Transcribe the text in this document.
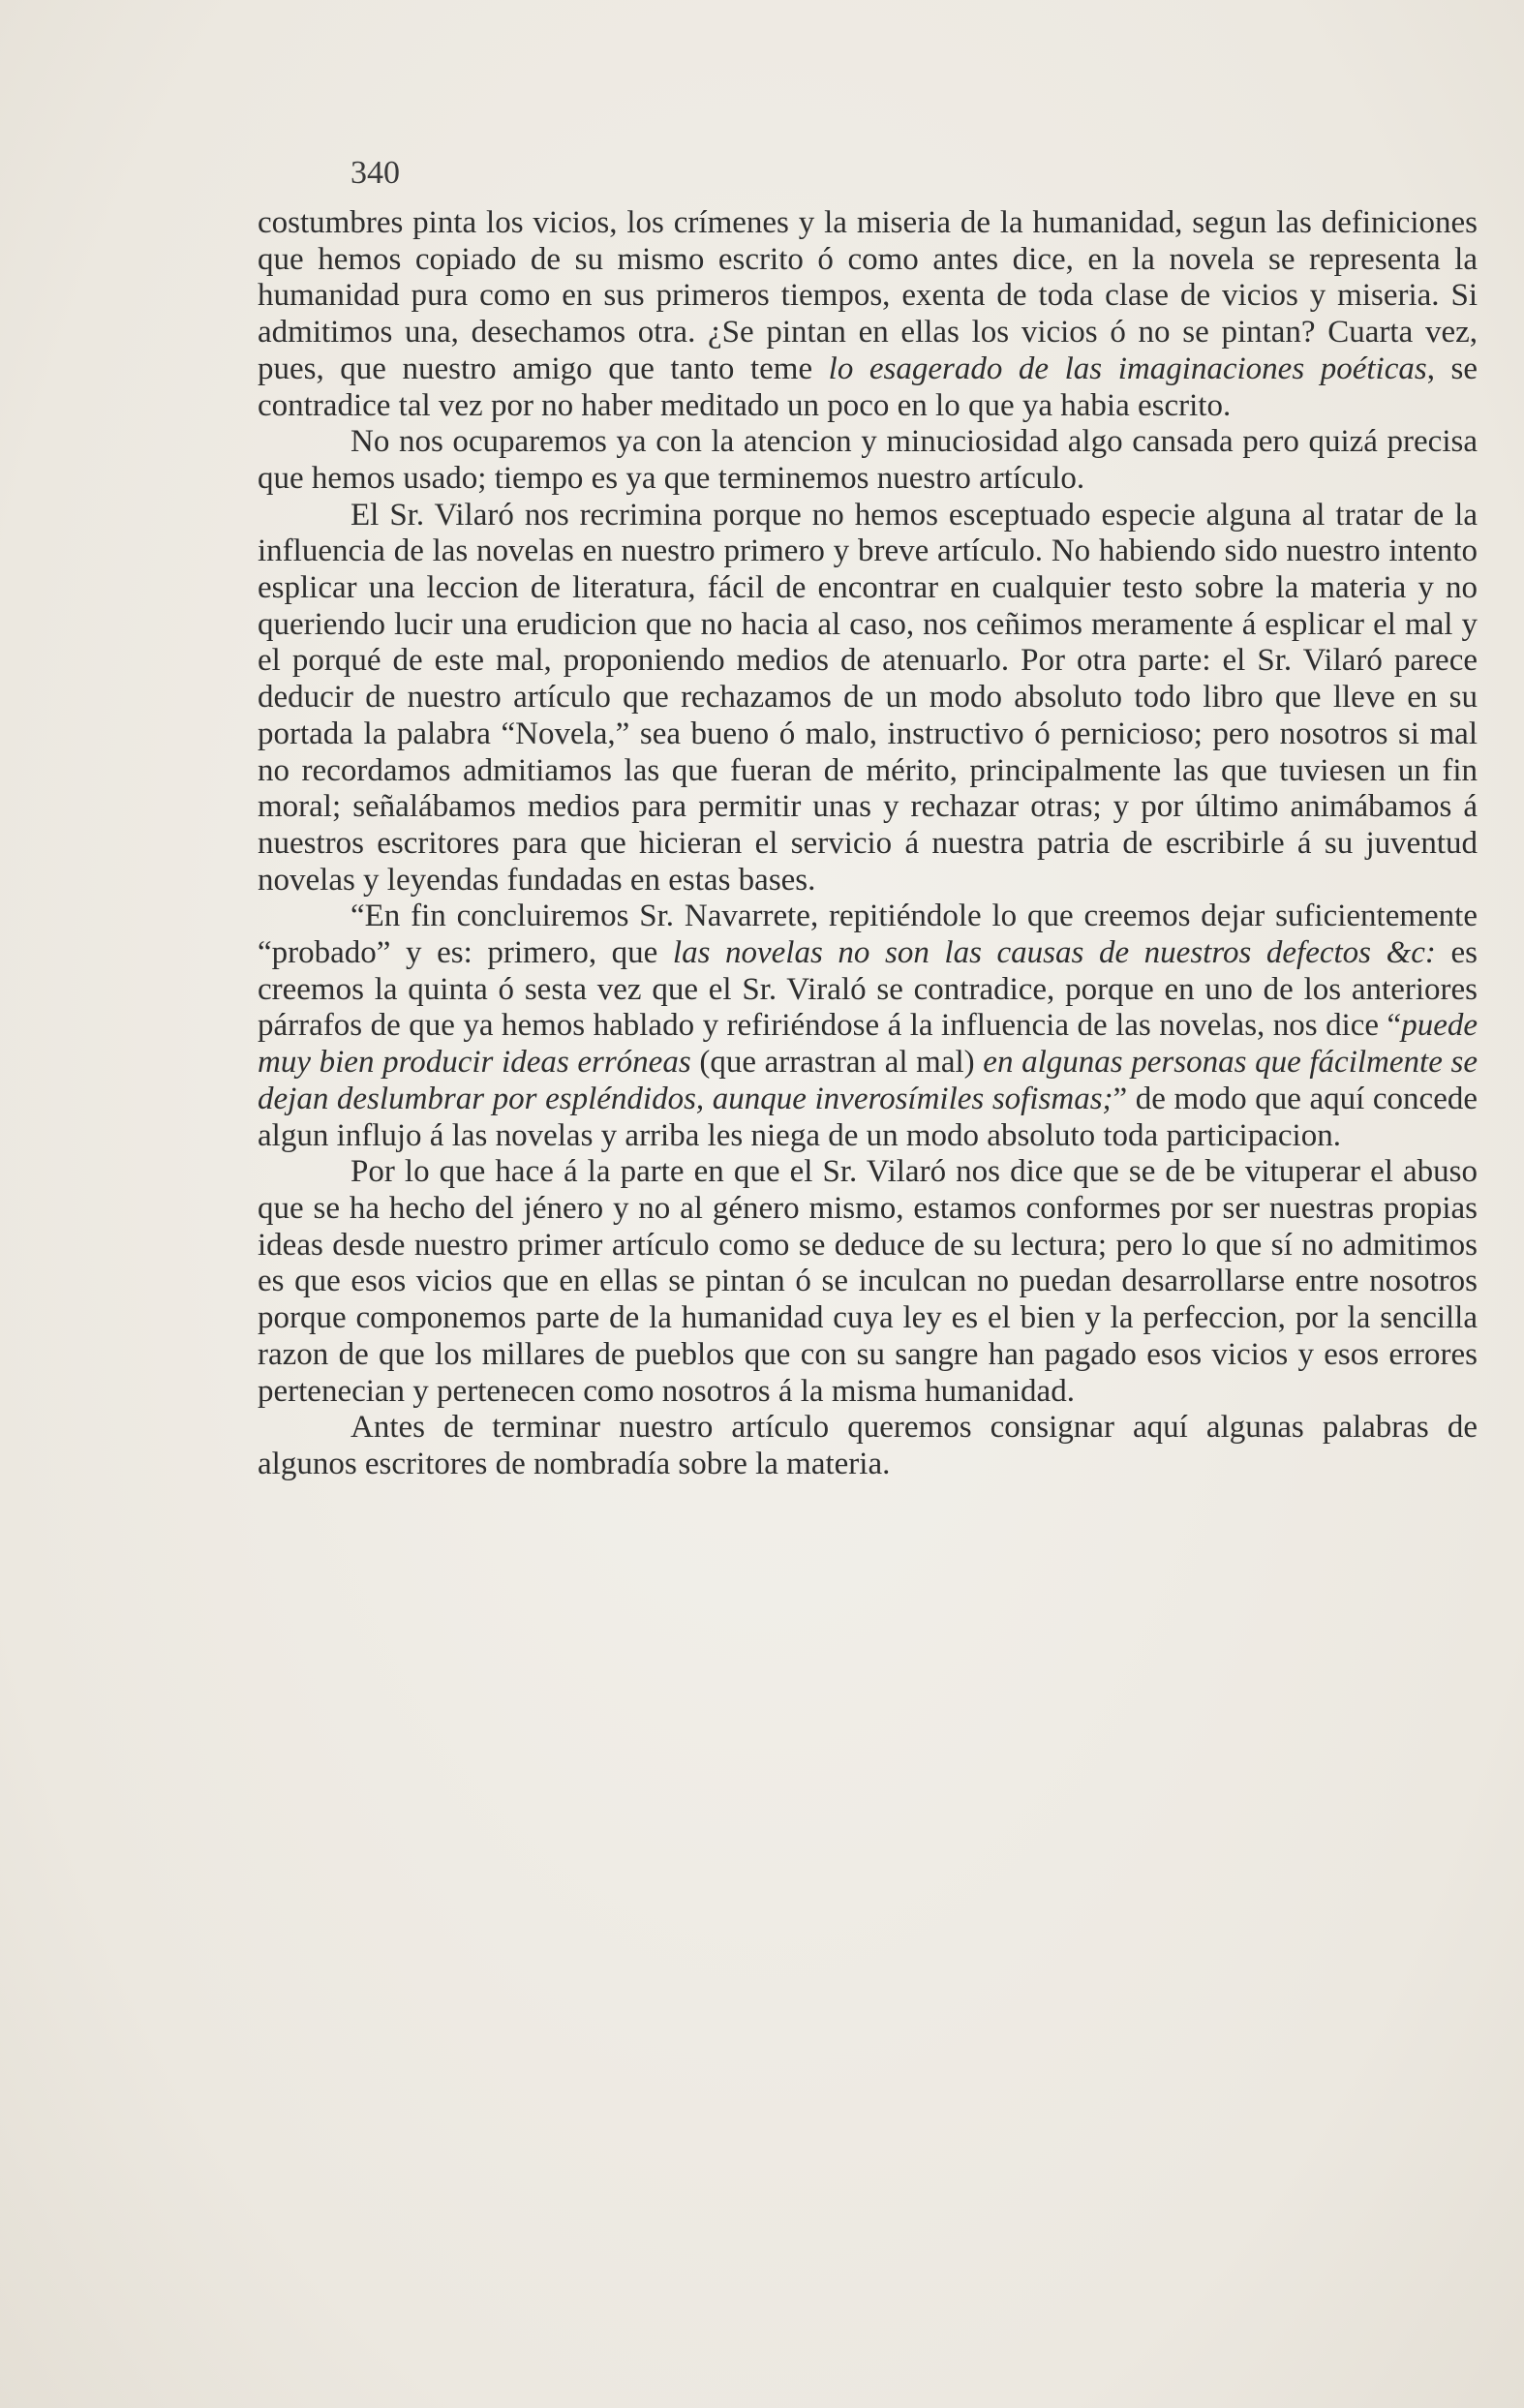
340

costumbres pinta los vicios, los crímenes y la miseria de la humanidad, segun las definiciones que hemos copiado de su mismo escrito ó como antes dice, en la novela se representa la humanidad pura como en sus primeros tiempos, exenta de toda clase de vicios y miseria. Si admitimos una, desechamos otra. ¿Se pintan en ellas los vicios ó no se pintan? Cuarta vez, pues, que nuestro amigo que tanto teme lo esagerado de las imaginaciones poéticas, se contradice tal vez por no haber meditado un poco en lo que ya habia escrito.

No nos ocuparemos ya con la atencion y minuciosidad algo cansada pero quizá precisa que hemos usado; tiempo es ya que terminemos nuestro artículo.

El Sr. Vilaró nos recrimina porque no hemos esceptuado especie alguna al tratar de la influencia de las novelas en nuestro primero y breve artículo. No habiendo sido nuestro intento esplicar una leccion de literatura, fácil de encontrar en cualquier testo sobre la materia y no queriendo lucir una erudicion que no hacia al caso, nos ceñimos meramente á esplicar el mal y el porqué de este mal, proponiendo medios de atenuarlo. Por otra parte: el Sr. Vilaró parece deducir de nuestro artículo que rechazamos de un modo absoluto todo libro que lleve en su portada la palabra “Novela,” sea bueno ó malo, instructivo ó pernicioso; pero nosotros si mal no recordamos admitiamos las que fueran de mérito, principalmente las que tuviesen un fin moral; señalábamos medios para permitir unas y rechazar otras; y por último animábamos á nuestros escritores para que hicieran el servicio á nuestra patria de escribirle á su juventud novelas y leyendas fundadas en estas bases.

“En fin concluiremos Sr. Navarrete, repitiéndole lo que creemos dejar suficientemente “probado” y es: primero, que las novelas no son las causas de nuestros defectos &c: es creemos la quinta ó sesta vez que el Sr. Viraló se contradice, porque en uno de los anteriores párrafos de que ya hemos hablado y refiriéndose á la influencia de las novelas, nos dice “puede muy bien producir ideas erróneas (que arrastran al mal) en algunas personas que fácilmente se dejan deslumbrar por espléndidos, aunque inverosímiles sofismas;” de modo que aquí concede algun influjo á las novelas y arriba les niega de un modo absoluto toda participacion.

Por lo que hace á la parte en que el Sr. Vilaró nos dice que se de be vituperar el abuso que se ha hecho del jénero y no al género mismo, estamos conformes por ser nuestras propias ideas desde nuestro primer artículo como se deduce de su lectura; pero lo que sí no admitimos es que esos vicios que en ellas se pintan ó se inculcan no puedan desarrollarse entre nosotros porque componemos parte de la humanidad cuya ley es el bien y la perfeccion, por la sencilla razon de que los millares de pueblos que con su sangre han pagado esos vicios y esos errores pertenecian y pertenecen como nosotros á la misma humanidad.

Antes de terminar nuestro artículo queremos consignar aquí algunas palabras de algunos escritores de nombradía sobre la materia.
